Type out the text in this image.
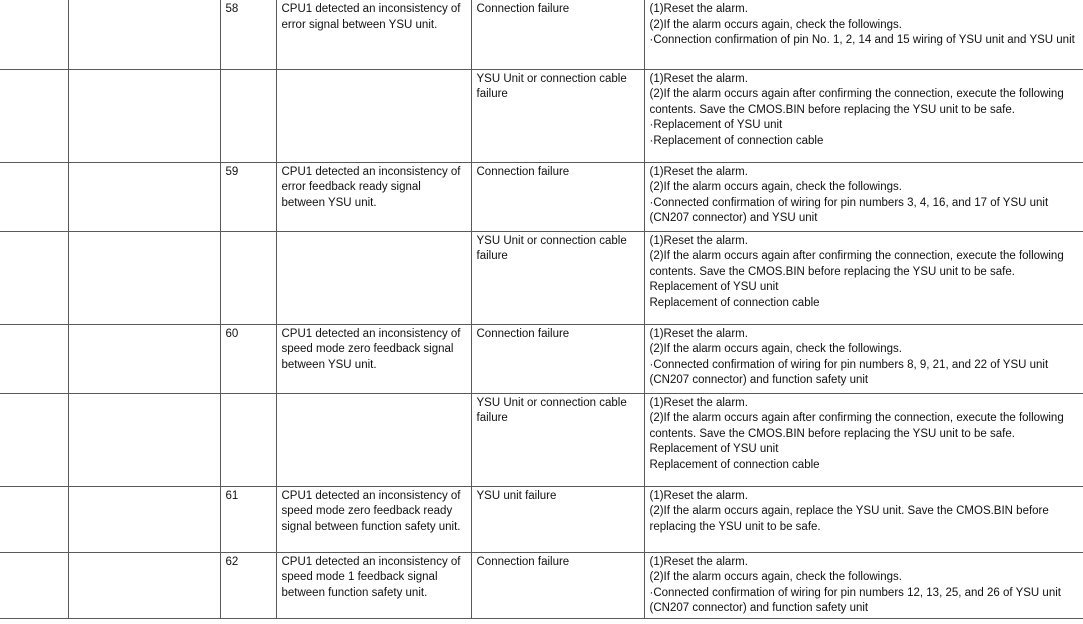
		58	CPU1 detected an inconsistency of error signal between YSU unit.	Connection failure	(1)Reset the alarm.
(2)If the alarm occurs again, check the followings.
·Connection confirmation of pin No. 1, 2, 14 and 15 wiring of YSU unit and YSU unit

				YSU Unit or connection cable failure	(1)Reset the alarm.
(2)If the alarm occurs again after confirming the connection, execute the following contents. Save the CMOS.BIN before replacing the YSU unit to be safe.
·Replacement of YSU unit
·Replacement of connection cable

		59	CPU1 detected an inconsistency of error feedback ready signal between YSU unit.	Connection failure	(1)Reset the alarm.
(2)If the alarm occurs again, check the followings.
·Connected confirmation of wiring for pin numbers 3, 4, 16, and 17 of YSU unit (CN207 connector) and YSU unit

				YSU Unit or connection cable failure	(1)Reset the alarm.
(2)If the alarm occurs again after confirming the connection, execute the following contents. Save the CMOS.BIN before replacing the YSU unit to be safe.
Replacement of YSU unit
Replacement of connection cable

		60	CPU1 detected an inconsistency of speed mode zero feedback signal between YSU unit.	Connection failure	(1)Reset the alarm.
(2)If the alarm occurs again, check the followings.
·Connected confirmation of wiring for pin numbers 8, 9, 21, and 22 of YSU unit (CN207 connector) and function safety unit

				YSU Unit or connection cable failure	(1)Reset the alarm.
(2)If the alarm occurs again after confirming the connection, execute the following contents. Save the CMOS.BIN before replacing the YSU unit to be safe.
Replacement of YSU unit
Replacement of connection cable

		61	CPU1 detected an inconsistency of speed mode zero feedback ready signal between function safety unit.	YSU unit failure	(1)Reset the alarm.
(2)If the alarm occurs again, replace the YSU unit. Save the CMOS.BIN before replacing the YSU unit to be safe.

		62	CPU1 detected an inconsistency of speed mode 1 feedback signal between function safety unit.	Connection failure	(1)Reset the alarm.
(2)If the alarm occurs again, check the followings.
·Connected confirmation of wiring for pin numbers 12, 13, 25, and 26 of YSU unit (CN207 connector) and function safety unit
